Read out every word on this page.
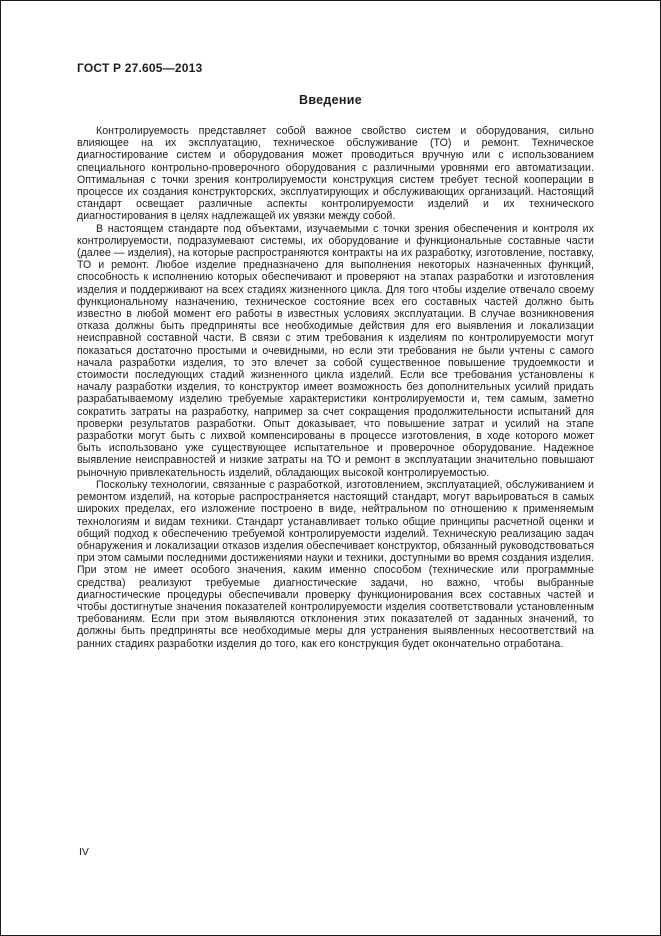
ГОСТ Р 27.605—2013
Введение

Контролируемость представляет собой важное свойство систем и оборудования, сильно влияющее на их эксплуатацию, техническое обслуживание (ТО) и ремонт. Техническое диагностирование систем и оборудования может проводиться вручную или с использованием специального контрольно-проверочного оборудования с различными уровнями его автоматизации. Оптимальная с точки зрения контролируемости конструкция систем требует тесной кооперации в процессе их создания конструкторских, эксплуатирующих и обслуживающих организаций. Настоящий стандарт освещает различные аспекты контролируемости изделий и их технического диагностирования в целях надлежащей их увязки между собой.

В настоящем стандарте под объектами, изучаемыми с точки зрения обеспечения и контроля их контролируемости, подразумевают системы, их оборудование и функциональные составные части (далее — изделия), на которые распространяются контракты на их разработку, изготовление, поставку, ТО и ремонт. Любое изделие предназначено для выполнения некоторых назначенных функций, способность к исполнению которых обеспечивают и проверяют на этапах разработки и изготовления изделия и поддерживают на всех стадиях жизненного цикла. Для того чтобы изделие отвечало своему функциональному назначению, техническое состояние всех его составных частей должно быть известно в любой момент его работы в известных условиях эксплуатации. В случае возникновения отказа должны быть предприняты все необходимые действия для его выявления и локализации неисправной составной части. В связи с этим требования к изделиям по контролируемости могут показаться достаточно простыми и очевидными, но если эти требования не были учтены с самого начала разработки изделия, то это влечет за собой существенное повышение трудоемкости и стоимости последующих стадий жизненного цикла изделий. Если все требования установлены к началу разработки изделия, то конструктор имеет возможность без дополнительных усилий придать разрабатываемому изделию требуемые характеристики контролируемости и, тем самым, заметно сократить затраты на разработку, например за счет сокращения продолжительности испытаний для проверки результатов разработки. Опыт доказывает, что повышение затрат и усилий на этапе разработки могут быть с лихвой компенсированы в процессе изготовления, в ходе которого может быть использовано уже существующее испытательное и проверочное оборудование. Надежное выявление неисправностей и низкие затраты на ТО и ремонт в эксплуатации значительно повышают рыночную привлекательность изделий, обладающих высокой контролируемостью.

Поскольку технологии, связанные с разработкой, изготовлением, эксплуатацией, обслуживанием и ремонтом изделий, на которые распространяется настоящий стандарт, могут варьироваться в самых широких пределах, его изложение построено в виде, нейтральном по отношению к применяемым технологиям и видам техники. Стандарт устанавливает только общие принципы расчетной оценки и общий подход к обеспечению требуемой контролируемости изделий. Техническую реализацию задач обнаружения и локализации отказов изделия обеспечивает конструктор, обязанный руководствоваться при этом самыми последними достижениями науки и техники, доступными во время создания изделия. При этом не имеет особого значения, каким именно способом (технические или программные средства) реализуют требуемые диагностические задачи, но важно, чтобы выбранные диагностические процедуры обеспечивали проверку функционирования всех составных частей и чтобы достигнутые значения показателей контролируемости изделия соответствовали установленным требованиям. Если при этом выявляются отклонения этих показателей от заданных значений, то должны быть предприняты все необходимые меры для устранения выявленных несоответствий на ранних стадиях разработки изделия до того, как его конструкция будет окончательно отработана.

IV
